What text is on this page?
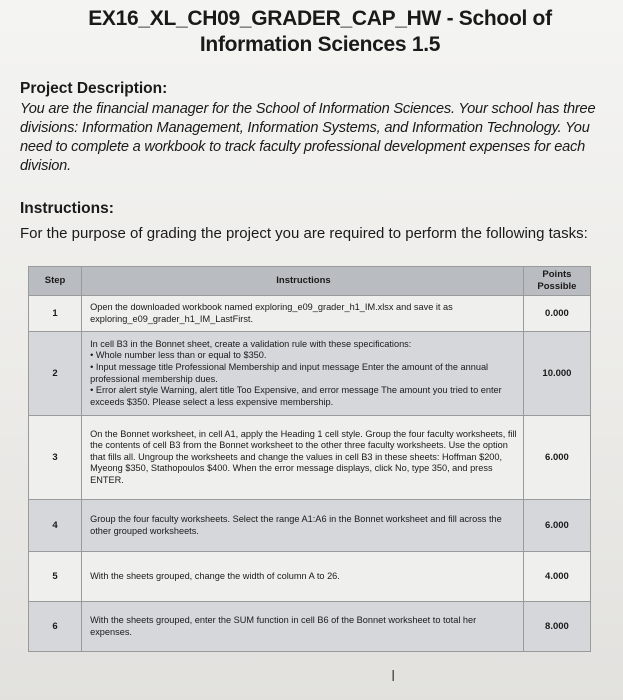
EX16_XL_CH09_GRADER_CAP_HW - School of
Information Sciences 1.5
Project Description:
You are the financial manager for the School of Information Sciences. Your school has three divisions: Information Management, Information Systems, and Information Technology. You need to complete a workbook to track faculty professional development expenses for each division.
Instructions:
For the purpose of grading the project you are required to perform the following tasks:
Step	Instructions	Points Possible
1	Open the downloaded workbook named exploring_e09_grader_h1_IM.xlsx and save it as exploring_e09_grader_h1_IM_LastFirst.	0.000
2	In cell B3 in the Bonnet sheet, create a validation rule with these specifications:
• Whole number less than or equal to $350.
• Input message title Professional Membership and input message Enter the amount of the annual professional membership dues.
• Error alert style Warning, alert title Too Expensive, and error message The amount you tried to enter exceeds $350. Please select a less expensive membership.	10.000
3	On the Bonnet worksheet, in cell A1, apply the Heading 1 cell style. Group the four faculty worksheets, fill the contents of cell B3 from the Bonnet worksheet to the other three faculty worksheets. Use the option that fills all. Ungroup the worksheets and change the values in cell B3 in these sheets: Hoffman $200, Myeong $350, Stathopoulos $400. When the error message displays, click No, type 350, and press ENTER.	6.000
4	Group the four faculty worksheets. Select the range A1:A6 in the Bonnet worksheet and fill across the other grouped worksheets.	6.000
5	With the sheets grouped, change the width of column A to 26.	4.000
6	With the sheets grouped, enter the SUM function in cell B6 of the Bonnet worksheet to total her expenses.	8.000
I
